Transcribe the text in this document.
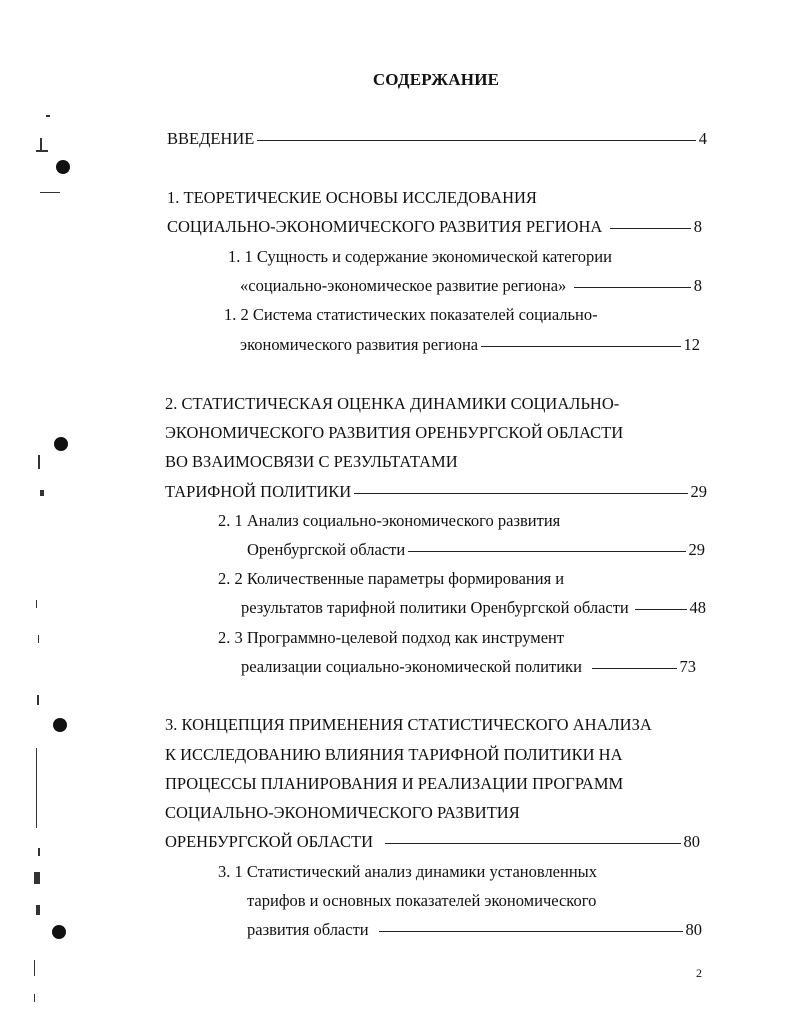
СОДЕРЖАНИЕ
ВВЕДЕНИЕ	4
1. ТЕОРЕТИЧЕСКИЕ ОСНОВЫ ИССЛЕДОВАНИЯ
СОЦИАЛЬНО-ЭКОНОМИЧЕСКОГО РАЗВИТИЯ РЕГИОНА	8
1. 1 Сущность и содержание экономической категории
«социально-экономическое развитие региона»	8
1. 2 Система статистических показателей социально-
экономического развития региона	12
2. СТАТИСТИЧЕСКАЯ ОЦЕНКА ДИНАМИКИ СОЦИАЛЬНО-
ЭКОНОМИЧЕСКОГО РАЗВИТИЯ ОРЕНБУРГСКОЙ ОБЛАСТИ
ВО ВЗАИМОСВЯЗИ С РЕЗУЛЬТАТАМИ
ТАРИФНОЙ ПОЛИТИКИ	29
2. 1 Анализ социально-экономического развития
Оренбургской области	29
2. 2 Количественные параметры формирования и
результатов тарифной политики Оренбургской области	48
2. 3 Программно-целевой подход как инструмент
реализации социально-экономической политики	73
3. КОНЦЕПЦИЯ ПРИМЕНЕНИЯ СТАТИСТИЧЕСКОГО АНАЛИЗА
К ИССЛЕДОВАНИЮ ВЛИЯНИЯ ТАРИФНОЙ ПОЛИТИКИ НА
ПРОЦЕССЫ ПЛАНИРОВАНИЯ И РЕАЛИЗАЦИИ ПРОГРАММ
СОЦИАЛЬНО-ЭКОНОМИЧЕСКОГО РАЗВИТИЯ
ОРЕНБУРГСКОЙ ОБЛАСТИ	80
3. 1 Статистический анализ динамики установленных
тарифов и основных показателей экономического
развития области	80
2
